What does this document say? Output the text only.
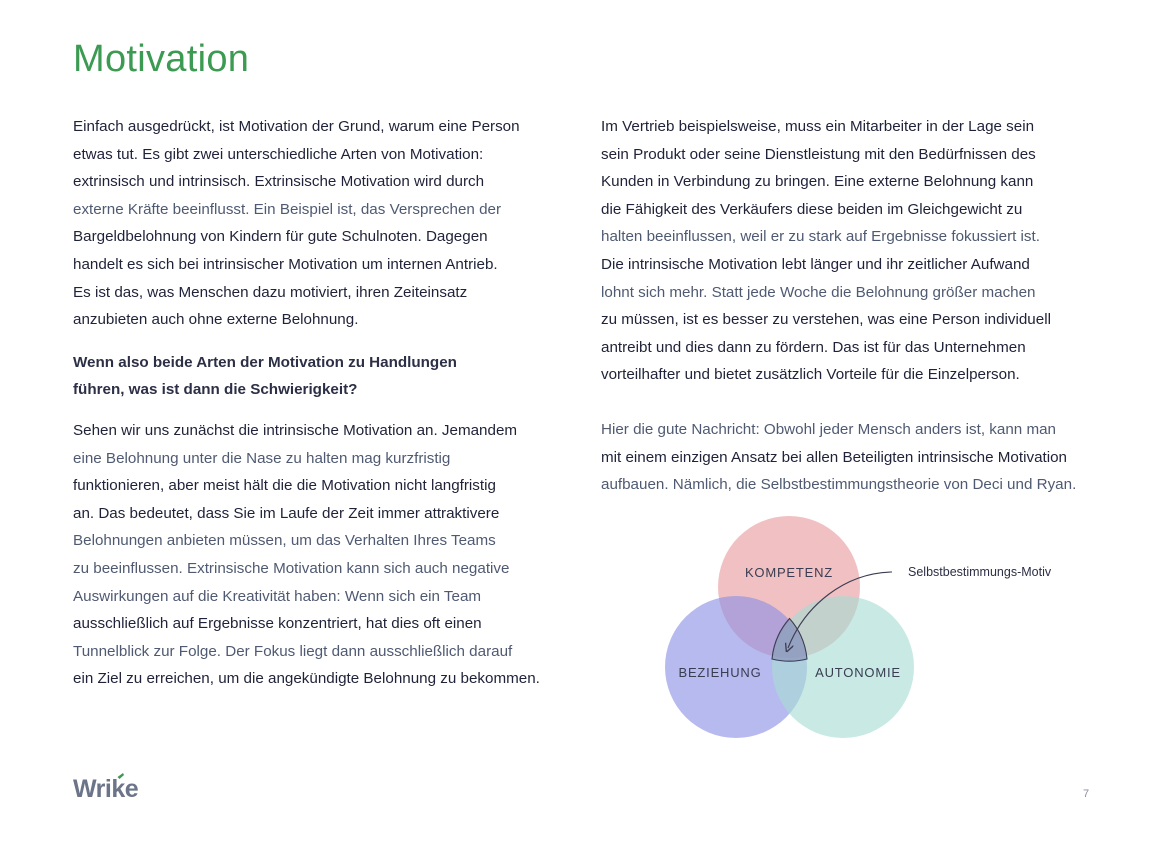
Motivation

Einfach ausgedrückt, ist Motivation der Grund, warum eine Person
etwas tut. Es gibt zwei unterschiedliche Arten von Motivation:
extrinsisch und intrinsisch. Extrinsische Motivation wird durch
externe Kräfte beeinflusst. Ein Beispiel ist, das Versprechen der
Bargeldbelohnung von Kindern für gute Schulnoten. Dagegen
handelt es sich bei intrinsischer Motivation um internen Antrieb.
Es ist das, was Menschen dazu motiviert, ihren Zeiteinsatz
anzubieten auch ohne externe Belohnung.

Wenn also beide Arten der Motivation zu Handlungen
führen, was ist dann die Schwierigkeit?

Sehen wir uns zunächst die intrinsische Motivation an. Jemandem
eine Belohnung unter die Nase zu halten mag kurzfristig
funktionieren, aber meist hält die die Motivation nicht langfristig
an. Das bedeutet, dass Sie im Laufe der Zeit immer attraktivere
Belohnungen anbieten müssen, um das Verhalten Ihres Teams
zu beeinflussen. Extrinsische Motivation kann sich auch negative
Auswirkungen auf die Kreativität haben: Wenn sich ein Team
ausschließlich auf Ergebnisse konzentriert, hat dies oft einen
Tunnelblick zur Folge. Der Fokus liegt dann ausschließlich darauf
ein Ziel zu erreichen, um die angekündigte Belohnung zu bekommen.

Im Vertrieb beispielsweise, muss ein Mitarbeiter in der Lage sein
sein Produkt oder seine Dienstleistung mit den Bedürfnissen des
Kunden in Verbindung zu bringen. Eine externe Belohnung kann
die Fähigkeit des Verkäufers diese beiden im Gleichgewicht zu
halten beeinflussen, weil er zu stark auf Ergebnisse fokussiert ist.
Die intrinsische Motivation lebt länger und ihr zeitlicher Aufwand
lohnt sich mehr. Statt jede Woche die Belohnung größer machen
zu müssen, ist es besser zu verstehen, was eine Person individuell
antreibt und dies dann zu fördern. Das ist für das Unternehmen
vorteilhafter und bietet zusätzlich Vorteile für die Einzelperson.

Hier die gute Nachricht: Obwohl jeder Mensch anders ist, kann man
mit einem einzigen Ansatz bei allen Beteiligten intrinsische Motivation
aufbauen. Nämlich, die Selbstbestimmungstheorie von Deci und Ryan.

KOMPETENZ
BEZIEHUNG	AUTONOMIE
Selbstbestimmungs-Motiv
Wrike	7
